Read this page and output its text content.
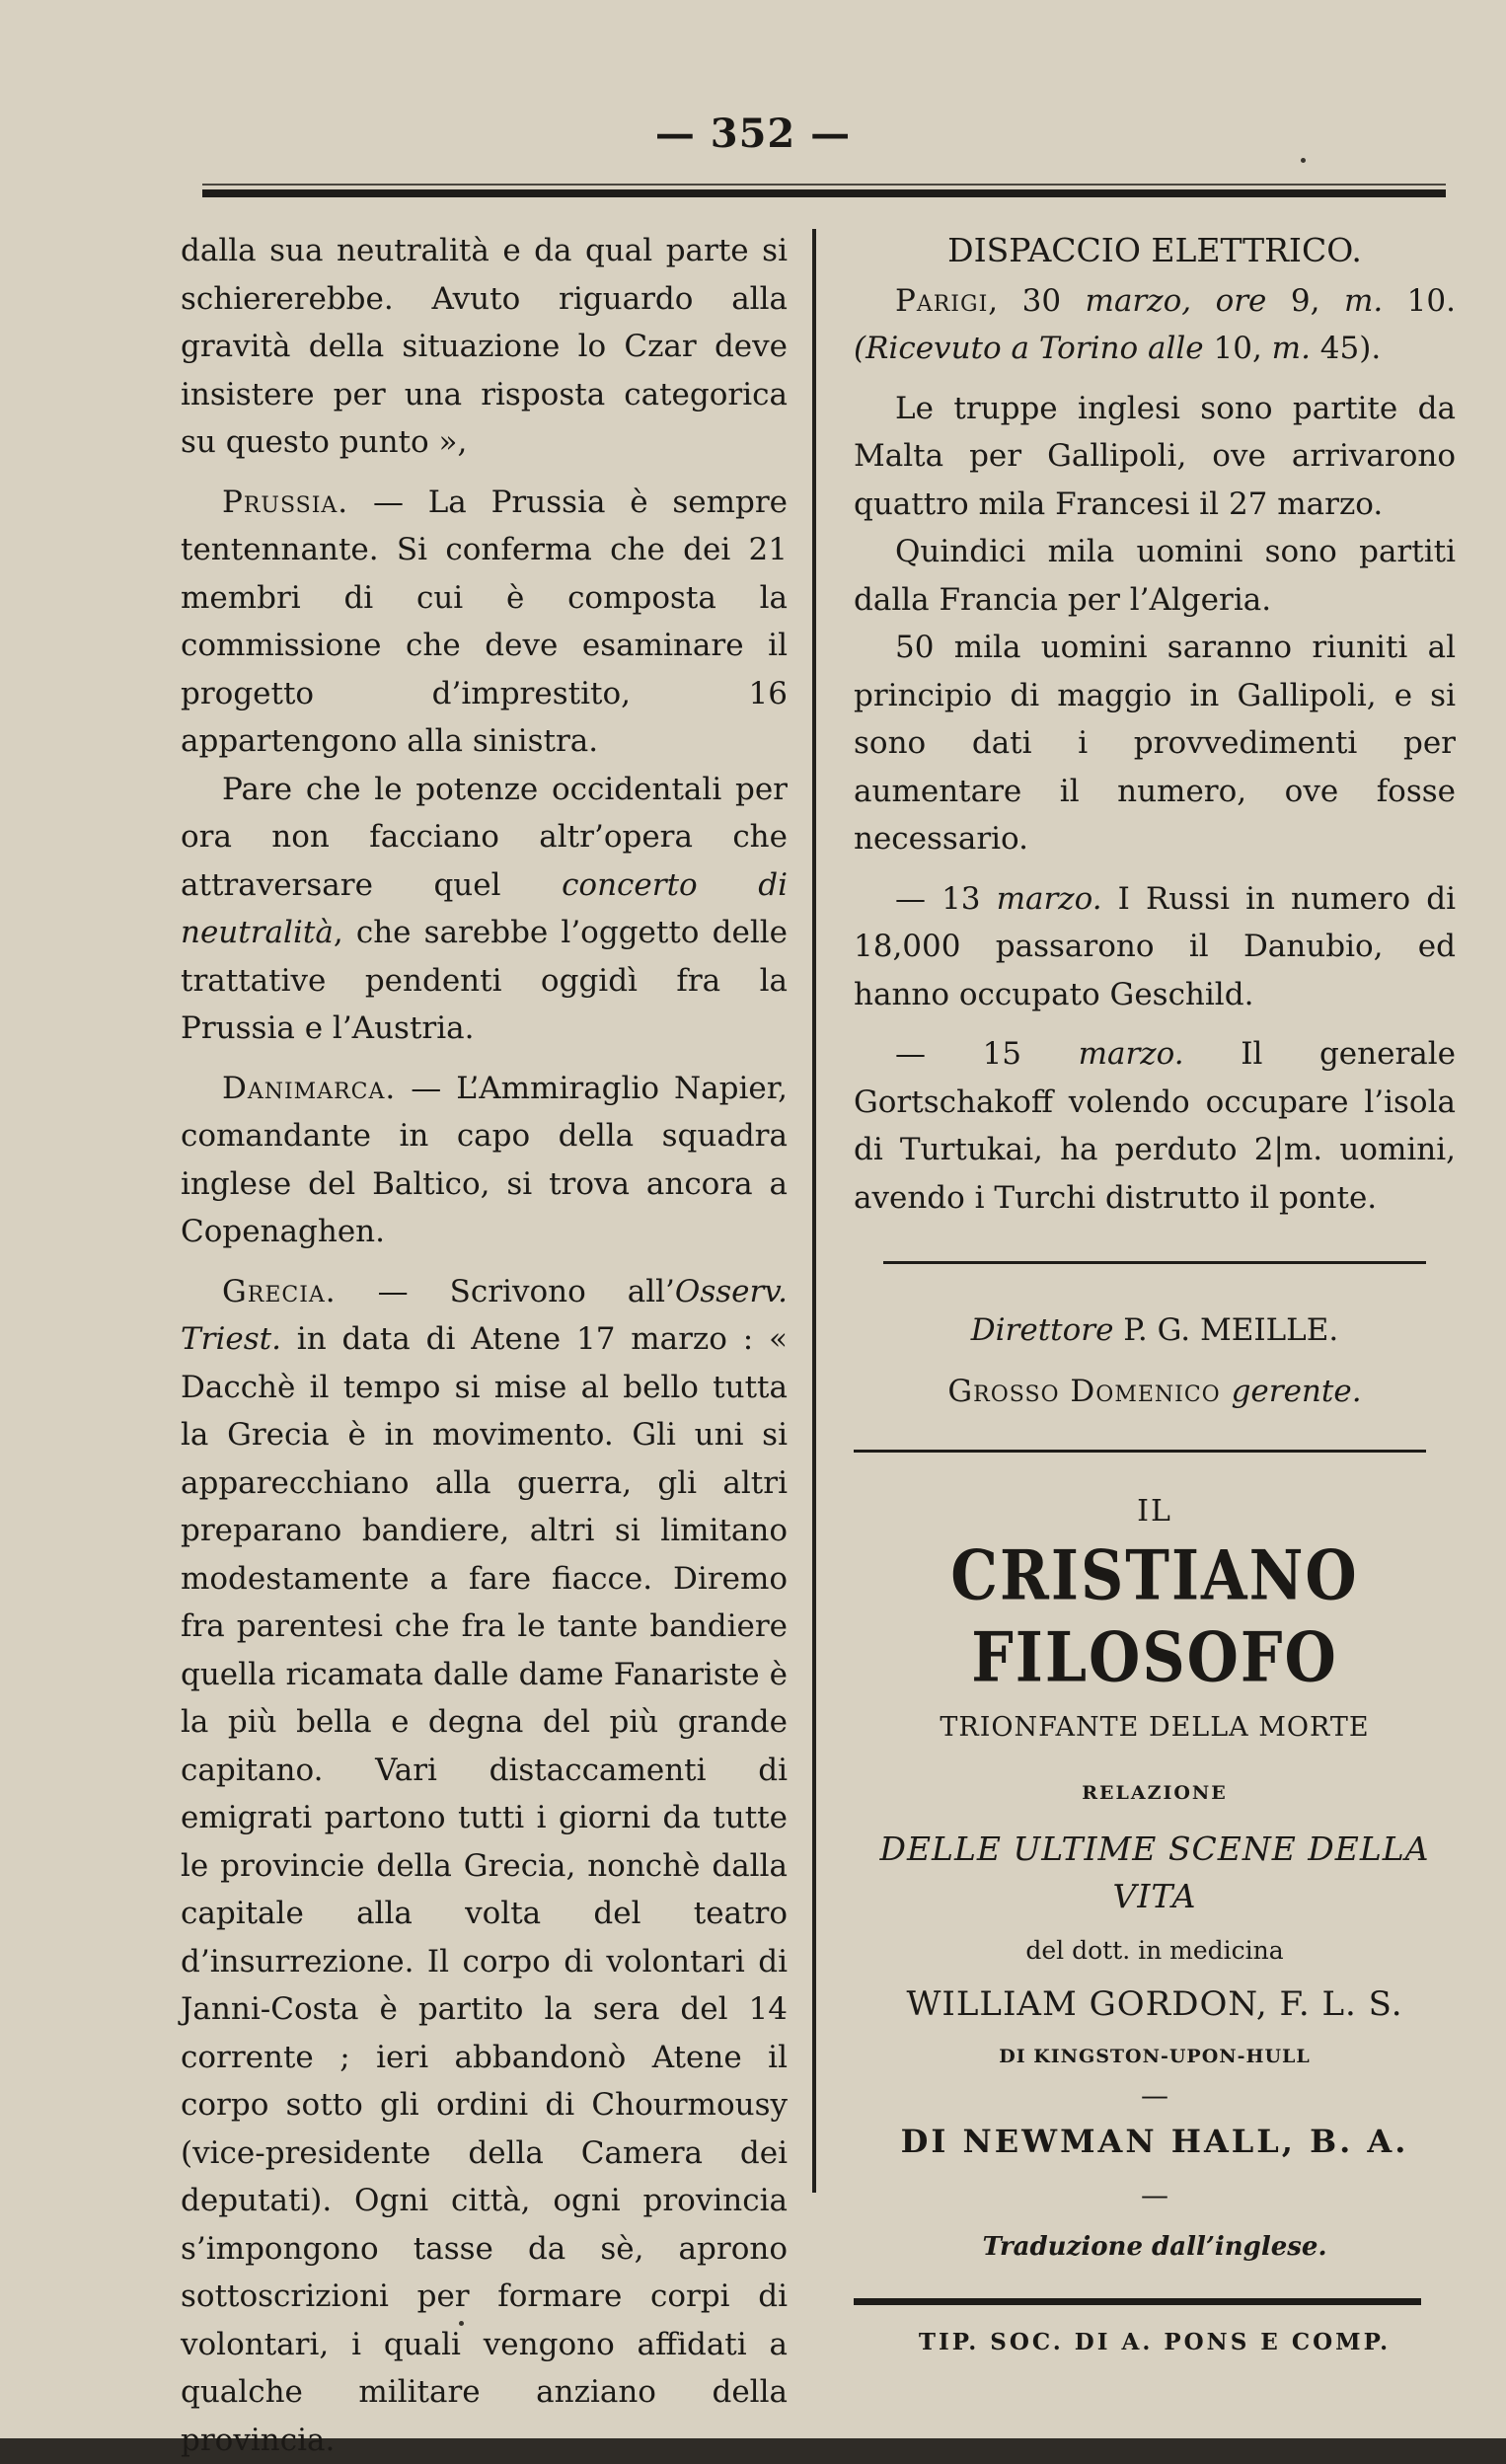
— 352 —

dalla sua neutralità e da qual parte si schiererebbe. Avuto riguardo alla gravità della situazione lo Czar deve insistere per una risposta categorica su questo punto »,

Prussia. — La Prussia è sempre tentennante. Si conferma che dei 21 membri di cui è composta la commissione che deve esaminare il progetto d’imprestito, 16 appartengono alla sinistra.

Pare che le potenze occidentali per ora non facciano altr’opera che attraversare quel concerto di neutralità, che sarebbe l’oggetto delle trattative pendenti oggidì fra la Prussia e l’Austria.

Danimarca. — L’Ammiraglio Napier, comandante in capo della squadra inglese del Baltico, si trova ancora a Copenaghen.

Grecia. — Scrivono all’Osserv. Triest. in data di Atene 17 marzo : « Dacchè il tempo si mise al bello tutta la Grecia è in movimento. Gli uni si apparecchiano alla guerra, gli altri preparano bandiere, altri si limitano modestamente a fare fiacce. Diremo fra parentesi che fra le tante bandiere quella ricamata dalle dame Fanariste è la più bella e degna del più grande capitano. Vari distaccamenti di emigrati partono tutti i giorni da tutte le provincie della Grecia, nonchè dalla capitale alla volta del teatro d’insurrezione. Il corpo di volontari di Janni-Costa è partito la sera del 14 corrente ; ieri abbandonò Atene il corpo sotto gli ordini di Chourmousy (vice-presidente della Camera dei deputati). Ogni città, ogni provincia s’impongono tasse da sè, aprono sottoscrizioni per formare corpi di volontari, i quali vengono affidati a qualche militare anziano della provincia.

DISPACCIO ELETTRICO.

Parigi, 30 marzo, ore 9, m. 10. (Ricevuto a Torino alle 10, m. 45).

Le truppe inglesi sono partite da Malta per Gallipoli, ove arrivarono quattro mila Francesi il 27 marzo.

Quindici mila uomini sono partiti dalla Francia per l’Algeria.

50 mila uomini saranno riuniti al principio di maggio in Gallipoli, e si sono dati i provvedimenti per aumentare il numero, ove fosse necessario.

— 13 marzo. I Russi in numero di 18,000 passarono il Danubio, ed hanno occupato Geschild.

— 15 marzo. Il generale Gortschakoff volendo occupare l’isola di Turtukai, ha perduto 2|m. uomini, avendo i Turchi distrutto il ponte.

Direttore P. G. MEILLE.
Grosso Domenico gerente.
IL
CRISTIANO FILOSOFO
TRIONFANTE DELLA MORTE
RELAZIONE
DELLE ULTIME SCENE DELLA VITA
del dott. in medicina
WILLIAM GORDON, F. L. S.
DI KINGSTON-UPON-HULL
—
DI NEWMAN HALL, B. A.
—
Traduzione dall’inglese.
TIP. SOC. DI A. PONS E COMP.
